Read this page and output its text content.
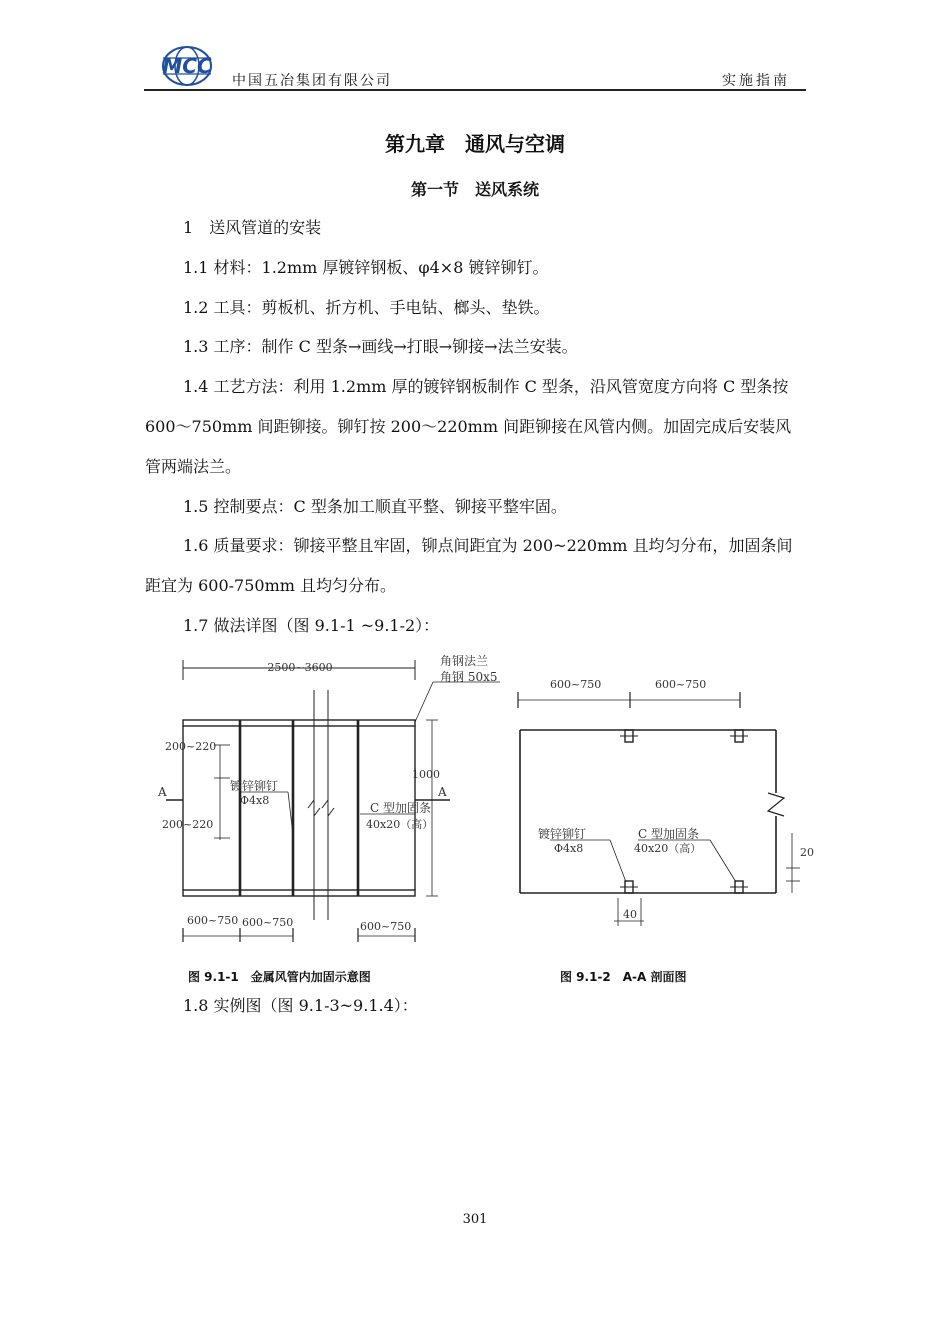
MCC
中国五冶集团有限公司	实施指南
第九章　通风与空调
第一节　送风系统

1　送风管道的安装

1.1 材料：1.2mm 厚镀锌钢板、φ4×8 镀锌铆钉。

1.2 工具：剪板机、折方机、手电钻、榔头、垫铁。

1.3 工序：制作 C 型条→画线→打眼→铆接→法兰安装。

1.4 工艺方法：利用 1.2mm 厚的镀锌钢板制作 C 型条，沿风管宽度方向将 C 型条按 600～750mm 间距铆接。铆钉按 200～220mm 间距铆接在风管内侧。加固完成后安装风管两端法兰。

1.5 控制要点：C 型条加工顺直平整、铆接平整牢固。

1.6 质量要求：铆接平整且牢固，铆点间距宜为 200~220mm 且均匀分布，加固条间距宜为 600-750mm 且均匀分布。

1.7 做法详图（图 9.1-1 ~9.1-2）：

2500~3600	角钢法兰
角钢 50x5
200~220
200~220
镀锌铆钉
Φ4x8
A	A
1000
C 型加固条
40x20（高）
600~750 600~750	600~750
图 9.1-1　金属风管内加固示意图
600~750	600~750
镀锌铆钉
Φ4x8
C 型加固条
40x20（高）	20
40
图 9.1-2　A-A 剖面图

1.8 实例图（图 9.1-3~9.1.4）：

301
